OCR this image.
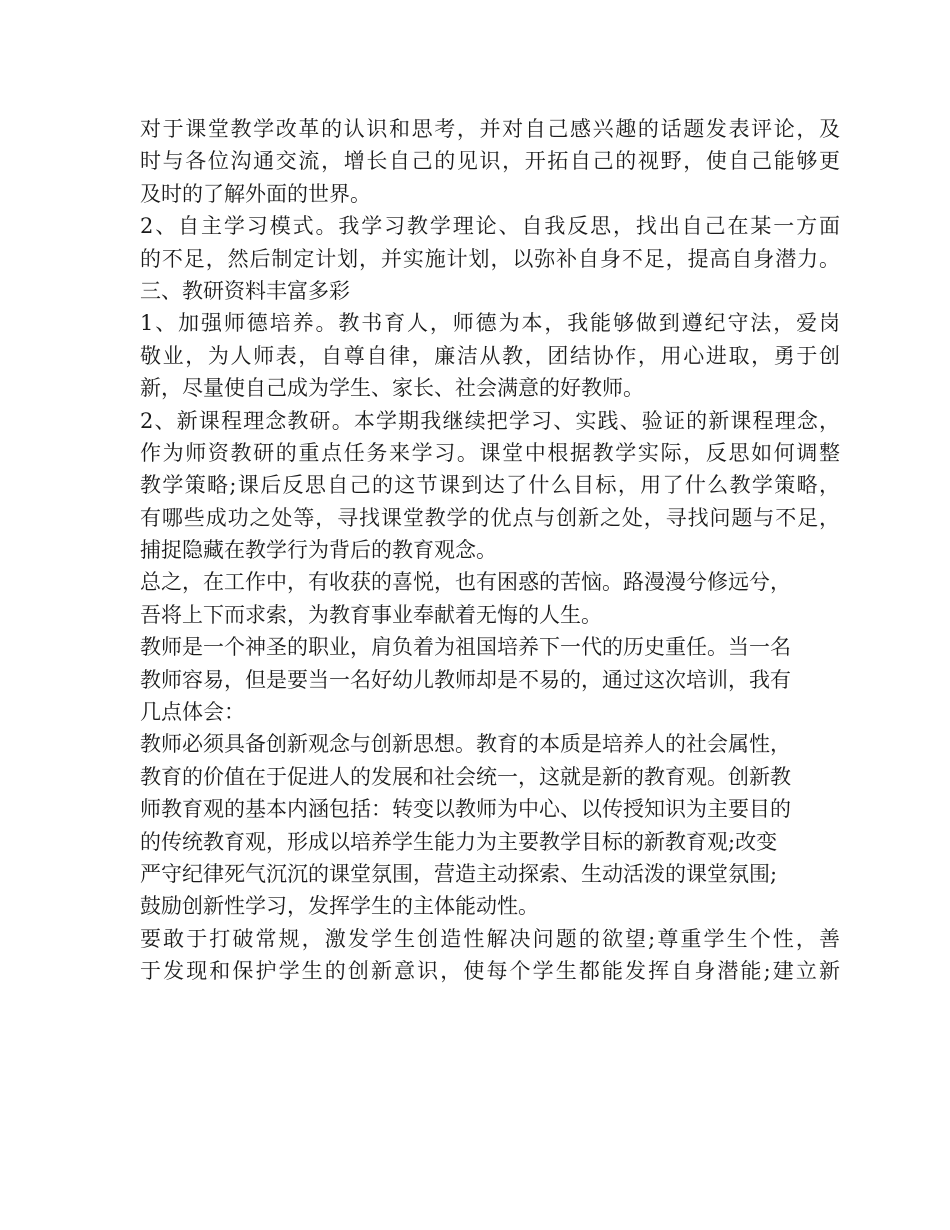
对于课堂教学改革的认识和思考，并对自己感兴趣的话题发表评论，及
时与各位沟通交流，增长自己的见识，开拓自己的视野，使自己能够更
及时的了解外面的世界。
2、自主学习模式。我学习教学理论、自我反思，找出自己在某一方面
的不足，然后制定计划，并实施计划，以弥补自身不足，提高自身潜力。
三、教研资料丰富多彩
1、加强师德培养。教书育人，师德为本，我能够做到遵纪守法，爱岗
敬业，为人师表，自尊自律，廉洁从教，团结协作，用心进取，勇于创
新，尽量使自己成为学生、家长、社会满意的好教师。
2、新课程理念教研。本学期我继续把学习、实践、验证的新课程理念，
作为师资教研的重点任务来学习。课堂中根据教学实际，反思如何调整
教学策略;课后反思自己的这节课到达了什么目标，用了什么教学策略，
有哪些成功之处等，寻找课堂教学的优点与创新之处，寻找问题与不足，
捕捉隐藏在教学行为背后的教育观念。
总之，在工作中，有收获的喜悦，也有困惑的苦恼。路漫漫兮修远兮，
吾将上下而求索，为教育事业奉献着无悔的人生。
教师是一个神圣的职业，肩负着为祖国培养下一代的历史重任。当一名
教师容易，但是要当一名好幼儿教师却是不易的，通过这次培训，我有
几点体会：
教师必须具备创新观念与创新思想。教育的本质是培养人的社会属性，
教育的价值在于促进人的发展和社会统一，这就是新的教育观。创新教
师教育观的基本内涵包括：转变以教师为中心、以传授知识为主要目的
的传统教育观，形成以培养学生能力为主要教学目标的新教育观;改变
严守纪律死气沉沉的课堂氛围，营造主动探索、生动活泼的课堂氛围;
鼓励创新性学习，发挥学生的主体能动性。
要敢于打破常规，激发学生创造性解决问题的欲望;尊重学生个性，善
于发现和保护学生的创新意识，使每个学生都能发挥自身潜能;建立新
